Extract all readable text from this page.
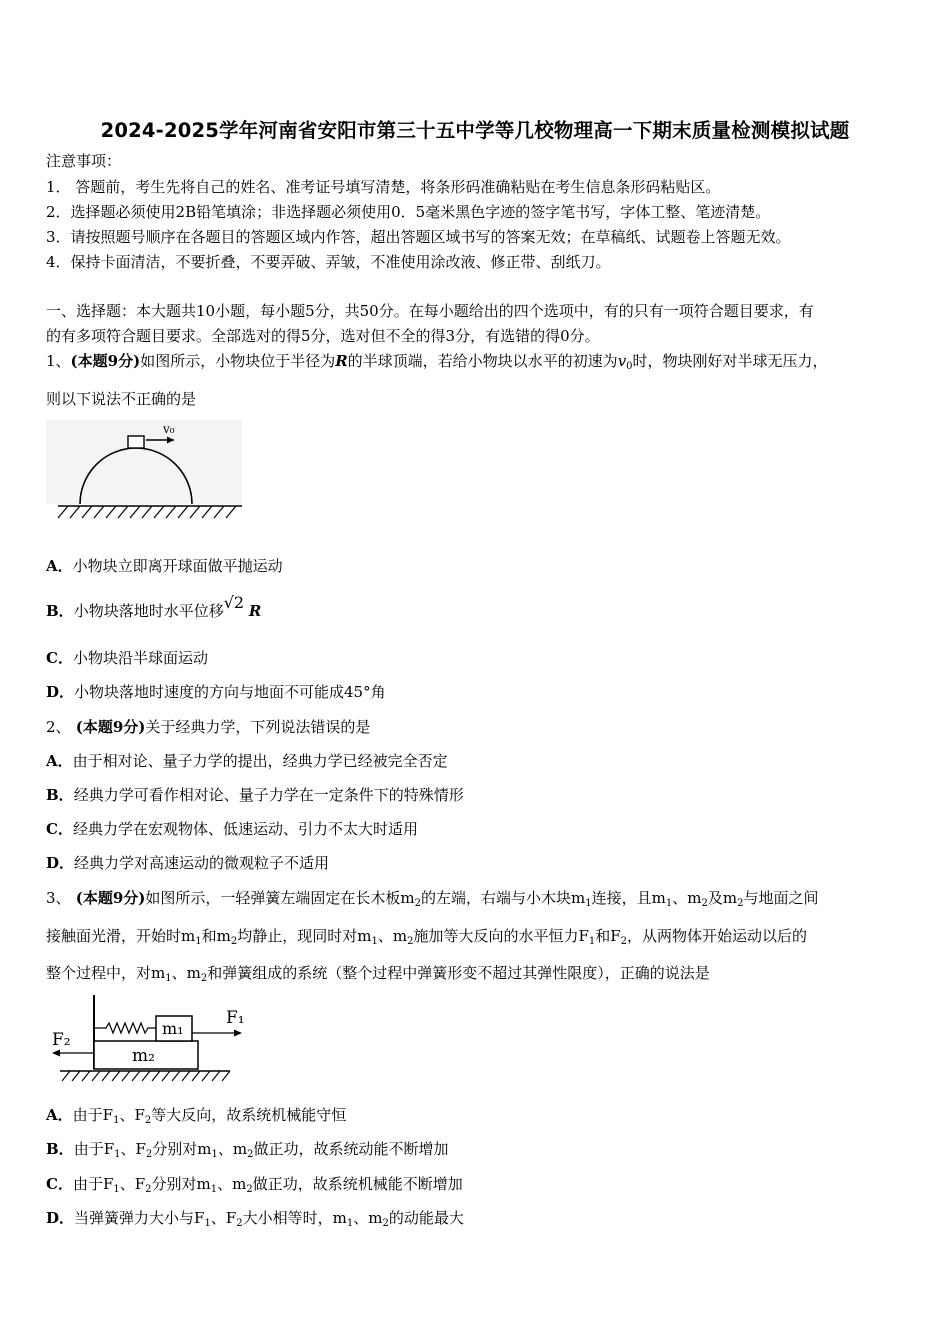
2024-2025学年河南省安阳市第三十五中学等几校物理高一下期末质量检测模拟试题
注意事项：
1． 答题前，考生先将自己的姓名、准考证号填写清楚，将条形码准确粘贴在考生信息条形码粘贴区。
2．选择题必须使用2B铅笔填涂；非选择题必须使用0．5毫米黑色字迹的签字笔书写，字体工整、笔迹清楚。
3．请按照题号顺序在各题目的答题区域内作答，超出答题区域书写的答案无效；在草稿纸、试题卷上答题无效。
4．保持卡面清洁，不要折叠，不要弄破、弄皱，不准使用涂改液、修正带、刮纸刀。
一、选择题：本大题共10小题，每小题5分，共50分。在每小题给出的四个选项中，有的只有一项符合题目要求，有
的有多项符合题目要求。全部选对的得5分，选对但不全的得3分，有选错的得0分。
1、(本题9分)如图所示，小物块位于半径为R的半球顶端，若给小物块以水平的初速为$v_0$时，物块刚好对半球无压力，
则以下说法不正确的是
v₀
A．小物块立即离开球面做平抛运动
B．小物块落地时水平位移√2 R
C．小物块沿半球面运动
D．小物块落地时速度的方向与地面不可能成45°角
2、 (本题9分)关于经典力学，下列说法错误的是
A．由于相对论、量子力学的提出，经典力学已经被完全否定
B．经典力学可看作相对论、量子力学在一定条件下的特殊情形
C．经典力学在宏观物体、低速运动、引力不太大时适用
D．经典力学对高速运动的微观粒子不适用
3、 (本题9分)如图所示，一轻弹簧左端固定在长木板$m_2$的左端，右端与小木块$m_1$连接，且$m_1$、$m_2$及$m_2$与地面之间
接触面光滑，开始时$m_1$和$m_2$均静止，现同时对$m_1$、$m_2$施加等大反向的水平恒力$F_1$和$F_2$，从两物体开始运动以后的
整个过程中，对$m_1$、$m_2$和弹簧组成的系统（整个过程中弹簧形变不超过其弹性限度），正确的说法是
m₂
m₁
F₁
F₂
A．由于$F_1$、$F_2$等大反向，故系统机械能守恒
B．由于$F_1$、$F_2$分别对$m_1$、$m_2$做正功，故系统动能不断增加
C．由于$F_1$、$F_2$分别对$m_1$、$m_2$做正功，故系统机械能不断增加
D．当弹簧弹力大小与$F_1$、$F_2$大小相等时，$m_1$、$m_2$的动能最大
